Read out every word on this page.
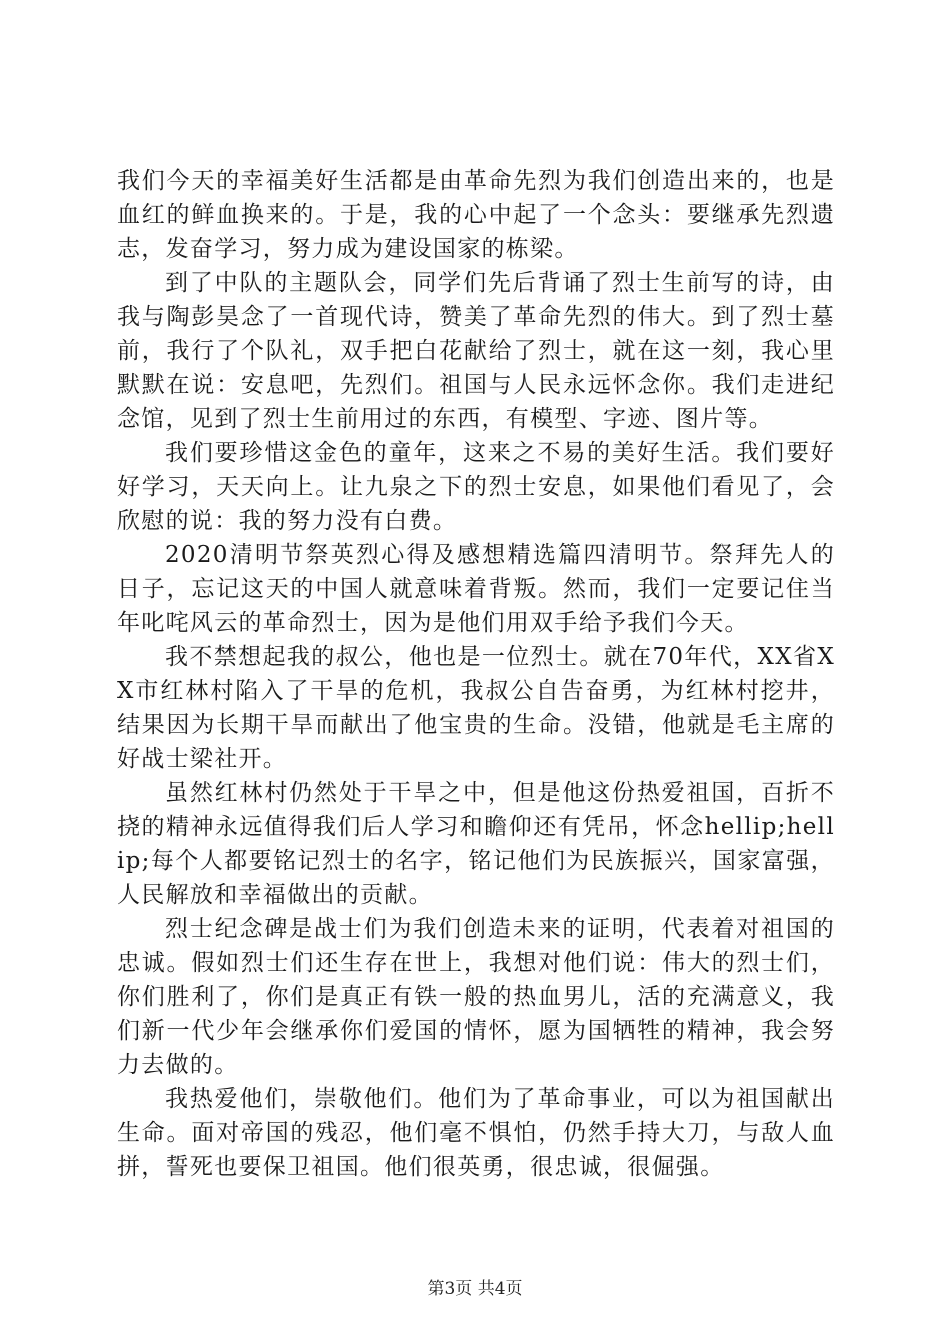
我们今天的幸福美好生活都是由革命先烈为我们创造出来的，也是血红的鲜血换来的。于是，我的心中起了一个念头：要继承先烈遗志，发奋学习，努力成为建设国家的栋梁。

到了中队的主题队会，同学们先后背诵了烈士生前写的诗，由我与陶彭昊念了一首现代诗，赞美了革命先烈的伟大。到了烈士墓前，我行了个队礼，双手把白花献给了烈士，就在这一刻，我心里默默在说：安息吧，先烈们。祖国与人民永远怀念你。我们走进纪念馆，见到了烈士生前用过的东西，有模型、字迹、图片等。

我们要珍惜这金色的童年，这来之不易的美好生活。我们要好好学习，天天向上。让九泉之下的烈士安息，如果他们看见了，会欣慰的说：我的努力没有白费。

2020清明节祭英烈心得及感想精选篇四清明节。祭拜先人的日子，忘记这天的中国人就意味着背叛。然而，我们一定要记住当年叱咤风云的革命烈士，因为是他们用双手给予我们今天。

我不禁想起我的叔公，他也是一位烈士。就在70年代，XX省XX市红林村陷入了干旱的危机，我叔公自告奋勇，为红林村挖井，结果因为长期干旱而献出了他宝贵的生命。没错，他就是毛主席的好战士梁社开。

虽然红林村仍然处于干旱之中，但是他这份热爱祖国，百折不挠的精神永远值得我们后人学习和瞻仰还有凭吊，怀念hellip;hellip;每个人都要铭记烈士的名字，铭记他们为民族振兴，国家富强，人民解放和幸福做出的贡献。

烈士纪念碑是战士们为我们创造未来的证明，代表着对祖国的忠诚。假如烈士们还生存在世上，我想对他们说：伟大的烈士们，你们胜利了，你们是真正有铁一般的热血男儿，活的充满意义，我们新一代少年会继承你们爱国的情怀，愿为国牺牲的精神，我会努力去做的。

我热爱他们，崇敬他们。他们为了革命事业，可以为祖国献出生命。面对帝国的残忍，他们毫不惧怕，仍然手持大刀，与敌人血拼，誓死也要保卫祖国。他们很英勇，很忠诚，很倔强。

第3页 共4页
